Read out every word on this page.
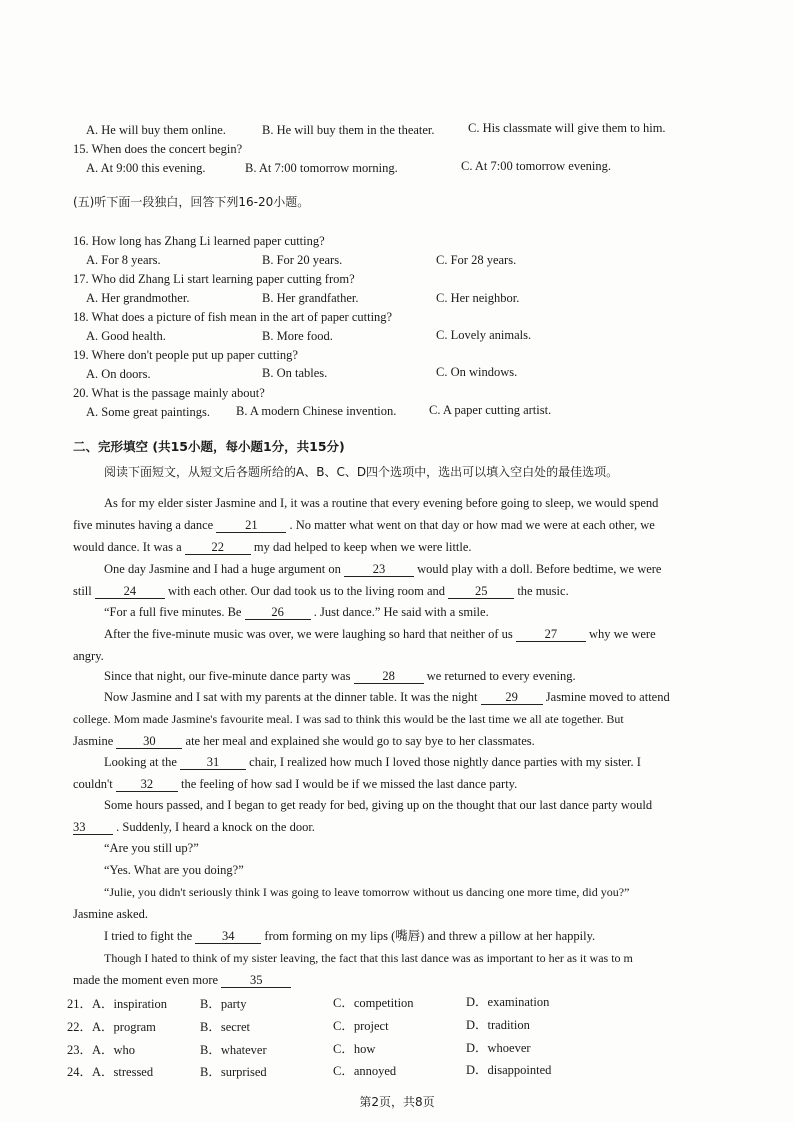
A. He will buy them online.	B. He will buy them in the theater.	C. His classmate will give them to him.
15. When does the concert begin?
A. At 9:00 this evening.	B. At 7:00 tomorrow morning.	C. At 7:00 tomorrow evening.
(五)听下面一段独白，回答下列16-20小题。
16. How long has Zhang Li learned paper cutting?
A. For 8 years.	B. For 20 years.	C. For 28 years.
17. Who did Zhang Li start learning paper cutting from?
A. Her grandmother.	B. Her grandfather.	C. Her neighbor.
18. What does a picture of fish mean in the art of paper cutting?
A. Good health.	B. More food.	C. Lovely animals.
19. Where don't people put up paper cutting?
A. On doors.	B. On tables.	C. On windows.
20. What is the passage mainly about?
A. Some great paintings. B. A modern Chinese invention.	C. A paper cutting artist.
二、完形填空 (共15小题，每小题1分，共15分)
阅读下面短文，从短文后各题所给的A、B、C、D四个选项中，选出可以填入空白处的最佳选项。
As for my elder sister Jasmine and I, it was a routine that every evening before going to sleep, we would spend
five minutes having a dance	21	. No matter what went on that day or how mad we were at each other, we
would dance. It was a 22 my dad helped to keep when we were little.
One day Jasmine and I had a huge argument on	23	would play with a doll. Before bedtime, we were
still	24	with each other. Our dad took us to the living room and 25 the music.
“For a full five minutes. Be 26 . Just dance.” He said with a smile.
After the five-minute music was over, we were laughing so hard that neither of us	27	why we were
angry.
Since that night, our five-minute dance party was	28	we returned to every evening.
Now Jasmine and I sat with my parents at the dinner table. It was the night 29 Jasmine moved to attend
college. Mom made Jasmine's favourite meal. I was sad to think this would be the last time we all ate together. But
Jasmine 30 ate her meal and explained she would go to say bye to her classmates.
Looking at the 31 chair, I realized how much I loved those nightly dance parties with my sister. I
couldn't 32 the feeling of how sad I would be if we missed the last dance party.
Some hours passed, and I began to get ready for bed, giving up on the thought that our last dance party would
33 . Suddenly, I heard a knock on the door.
“Are you still up?”
“Yes. What are you doing?”
“Julie, you didn't seriously think I was going to leave tomorrow without us dancing one more time, did you?”
Jasmine asked.
I tried to fight the 34 from forming on my lips (嘴唇) and threw a pillow at her happily.
Though I hated to think of my sister leaving, the fact that this last dance was as important to her as it was to m
made the moment even more	35
21．A．inspiration	B．party	C．competition	D．examination
22．A．program	B．secret	C．project	D．tradition
23．A．who	B．whatever	C．how	D．whoever
24．A．stressed	B．surprised	C．annoyed	D．disappointed
第2页，共8页
